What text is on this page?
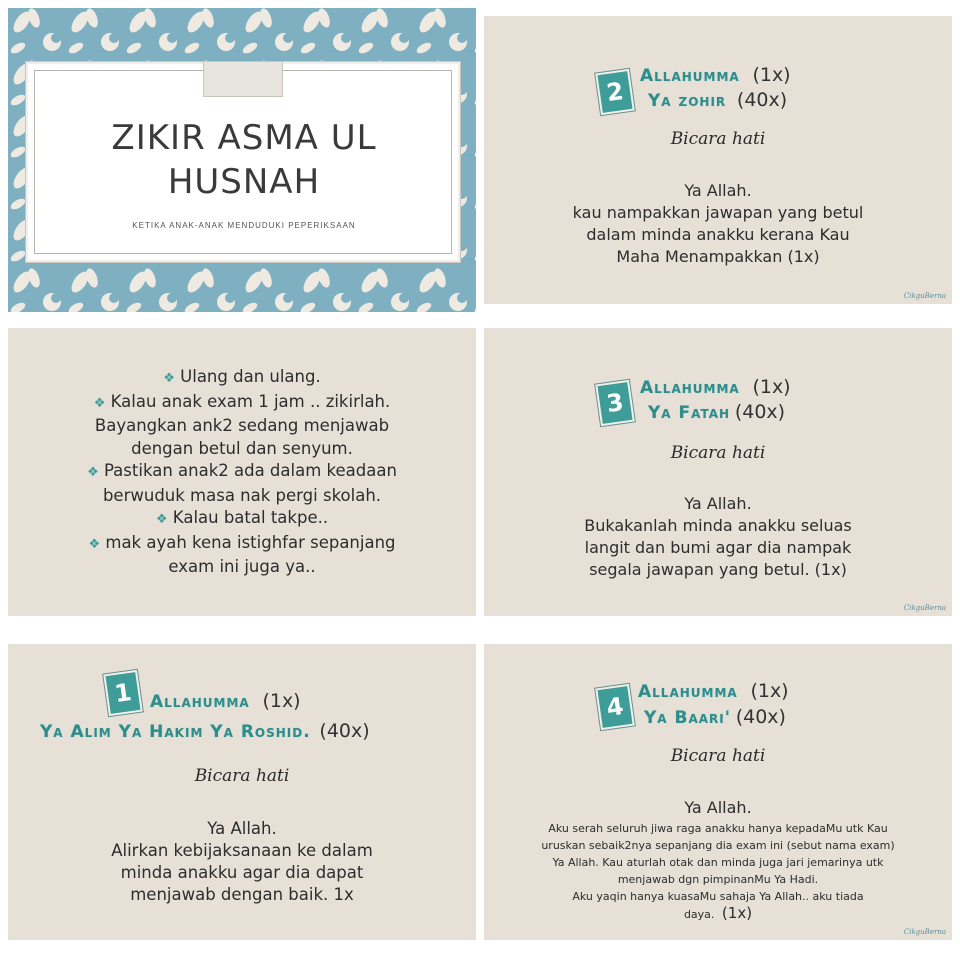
ZIKIR ASMA UL HUSNAH
KETIKA ANAK-ANAK MENDUDUKI PEPERIKSAAN
2
Allahumma (1x)
Ya zohir (40x)
Bicara hati
Ya Allah.
kau nampakkan jawapan yang betul
dalam minda anakku kerana Kau
Maha Menampakkan (1x)
CikguBerna
❖ Ulang dan ulang.
❖ Kalau anak exam 1 jam .. zikirlah.
Bayangkan ank2 sedang menjawab
dengan betul dan senyum.
❖ Pastikan anak2 ada dalam keadaan
berwuduk masa nak pergi skolah.
❖ Kalau batal takpe..
❖ mak ayah kena istighfar sepanjang
exam ini juga ya..
3 Allahumma (1x)
Ya Fatah (40x)
Bicara hati
Ya Allah.
Bukakanlah minda anakku seluas
langit dan bumi agar dia nampak
segala jawapan yang betul. (1x)
CikguBerna
1 Allahumma (1x)
Ya Alim Ya Hakim Ya Roshid. (40x)
Bicara hati
Ya Allah.
Alirkan kebijaksanaan ke dalam
minda anakku agar dia dapat
menjawab dengan baik. 1x
4 Allahumma (1x)
Ya Baari' (40x)
Bicara hati
Ya Allah.
Aku serah seluruh jiwa raga anakku hanya kepadaMu utk Kau
uruskan sebaik2nya sepanjang dia exam ini (sebut nama exam)
Ya Allah. Kau aturlah otak dan minda juga jari jemarinya utk
menjawab dgn pimpinanMu Ya Hadi.
Aku yaqin hanya kuasaMu sahaja Ya Allah.. aku tiada
daya. (1x)
CikguBerna
